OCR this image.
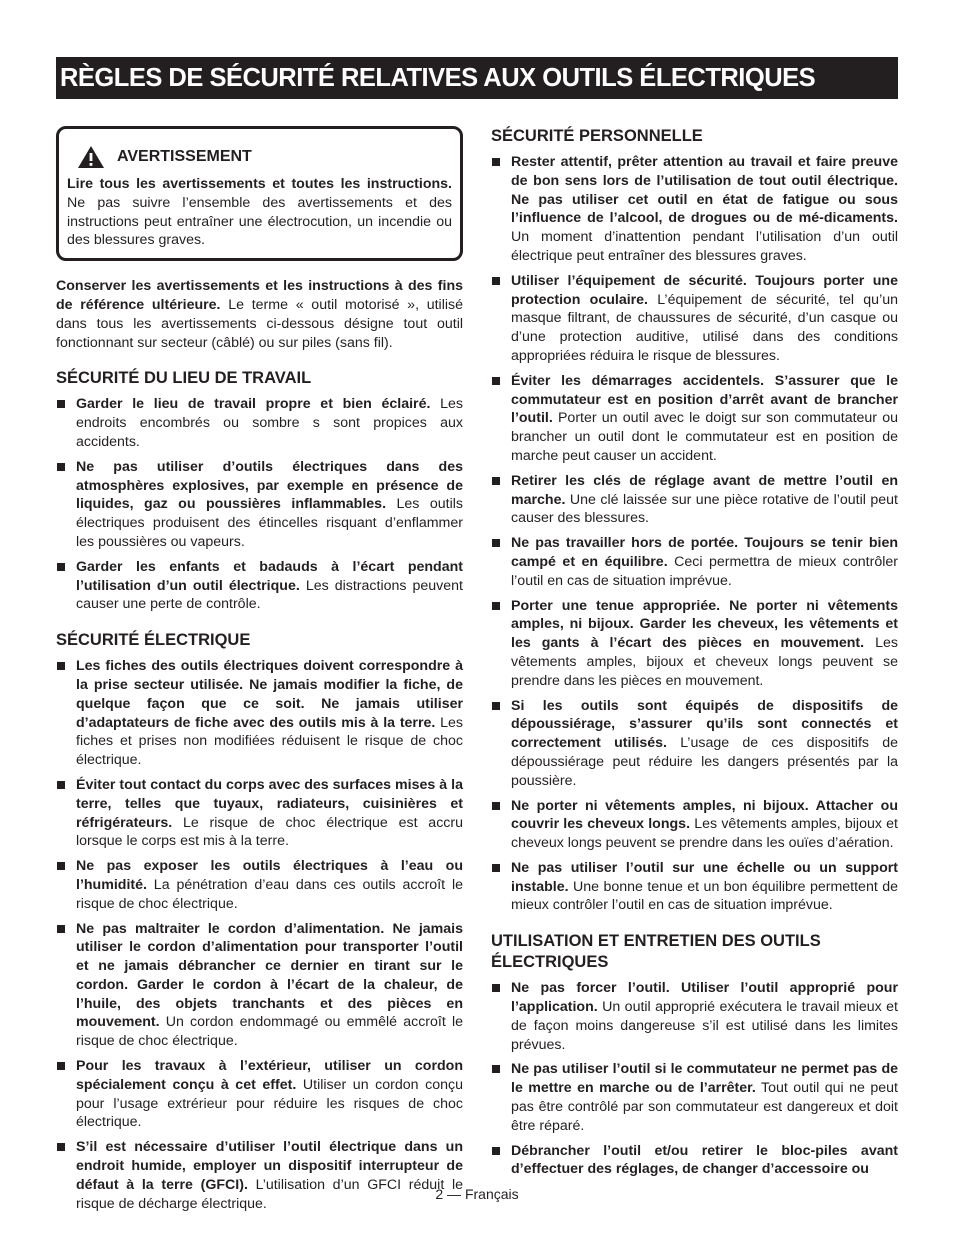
RÈGLES DE SÉCURITÉ RELATIVES AUX OUTILS ÉLECTRIQUES
AVERTISSEMENT

Lire tous les avertissements et toutes les instructions. Ne pas suivre l’ensemble des avertissements et des instructions peut entraîner une électrocution, un incendie ou des blessures graves.

Conserver les avertissements et les instructions à des fins de référence ultérieure. Le terme « outil motorisé », utilisé dans tous les avertissements ci-dessous désigne tout outil fonctionnant sur secteur (câblé) ou sur piles (sans fil).

SÉCURITÉ DU LIEU DE TRAVAIL
Garder le lieu de travail propre et bien éclairé. Les endroits encombrés ou sombre s sont propices aux accidents.
Ne pas utiliser d’outils électriques dans des atmosphères explosives, par exemple en présence de liquides, gaz ou poussières inflammables. Les outils électriques produisent des étincelles risquant d’enflammer les poussières ou vapeurs.
Garder les enfants et badauds à l’écart pendant l’utilisation d’un outil électrique. Les distractions peuvent causer une perte de contrôle.
SÉCURITÉ ÉLECTRIQUE
Les fiches des outils électriques doivent correspondre à la prise secteur utilisée. Ne jamais modifier la fiche, de quelque façon que ce soit. Ne jamais utiliser d’adaptateurs de fiche avec des outils mis à la terre. Les fiches et prises non modifiées réduisent le risque de choc électrique.
Éviter tout contact du corps avec des surfaces mises à la terre, telles que tuyaux, radiateurs, cuisinières et réfrigérateurs. Le risque de choc électrique est accru lorsque le corps est mis à la terre.
Ne pas exposer les outils électriques à l’eau ou l’humidité. La pénétration d’eau dans ces outils accroît le risque de choc électrique.
Ne pas maltraiter le cordon d’alimentation. Ne jamais utiliser le cordon d’alimentation pour transporter l’outil et ne jamais débrancher ce dernier en tirant sur le cordon. Garder le cordon à l’écart de la chaleur, de l’huile, des objets tranchants et des pièces en mouvement. Un cordon endommagé ou emmêlé accroît le risque de choc électrique.
Pour les travaux à l’extérieur, utiliser un cordon spécialement conçu à cet effet. Utiliser un cordon conçu pour l’usage extrérieur pour réduire les risques de choc électrique.
S’il est nécessaire d’utiliser l’outil électrique dans un endroit humide, employer un dispositif interrupteur de défaut à la terre (GFCI). L’utilisation d’un GFCI réduit le risque de décharge électrique.
SÉCURITÉ PERSONNELLE
Rester attentif, prêter attention au travail et faire preuve de bon sens lors de l’utilisation de tout outil électrique. Ne pas utiliser cet outil en état de fatigue ou sous l’influence de l’alcool, de drogues ou de mé-dicaments. Un moment d’inattention pendant l’utilisation d’un outil électrique peut entraîner des blessures graves.
Utiliser l’équipement de sécurité. Toujours porter une protection oculaire. L’équipement de sécurité, tel qu’un masque filtrant, de chaussures de sécurité, d’un casque ou d’une protection auditive, utilisé dans des conditions appropriées réduira le risque de blessures.
Éviter les démarrages accidentels. S’assurer que le commutateur est en position d’arrêt avant de brancher l’outil. Porter un outil avec le doigt sur son commutateur ou brancher un outil dont le commutateur est en position de marche peut causer un accident.
Retirer les clés de réglage avant de mettre l’outil en marche. Une clé laissée sur une pièce rotative de l’outil peut causer des blessures.
Ne pas travailler hors de portée. Toujours se tenir bien campé et en équilibre. Ceci permettra de mieux contrôler l’outil en cas de situation imprévue.
Porter une tenue appropriée. Ne porter ni vêtements amples, ni bijoux. Garder les cheveux, les vêtements et les gants à l’écart des pièces en mouvement. Les vêtements amples, bijoux et cheveux longs peuvent se prendre dans les pièces en mouvement.
Si les outils sont équipés de dispositifs de dépoussiérage, s’assurer qu’ils sont connectés et correctement utilisés. L’usage de ces dispositifs de dépoussiérage peut réduire les dangers présentés par la poussière.
Ne porter ni vêtements amples, ni bijoux. Attacher ou couvrir les cheveux longs. Les vêtements amples, bijoux et cheveux longs peuvent se prendre dans les ouïes d’aération.
Ne pas utiliser l’outil sur une échelle ou un support instable. Une bonne tenue et un bon équilibre permettent de mieux contrôler l’outil en cas de situation imprévue.
UTILISATION ET ENTRETIEN DES OUTILS ÉLECTRIQUES
Ne pas forcer l’outil. Utiliser l’outil approprié pour l’application. Un outil approprié exécutera le travail mieux et de façon moins dangereuse s’il est utilisé dans les limites prévues.
Ne pas utiliser l’outil si le commutateur ne permet pas de le mettre en marche ou de l’arrêter. Tout outil qui ne peut pas être contrôlé par son commutateur est dangereux et doit être réparé.
Débrancher l’outil et/ou retirer le bloc-piles avant d’effectuer des réglages, de changer d’accessoire ou
2 — Français
